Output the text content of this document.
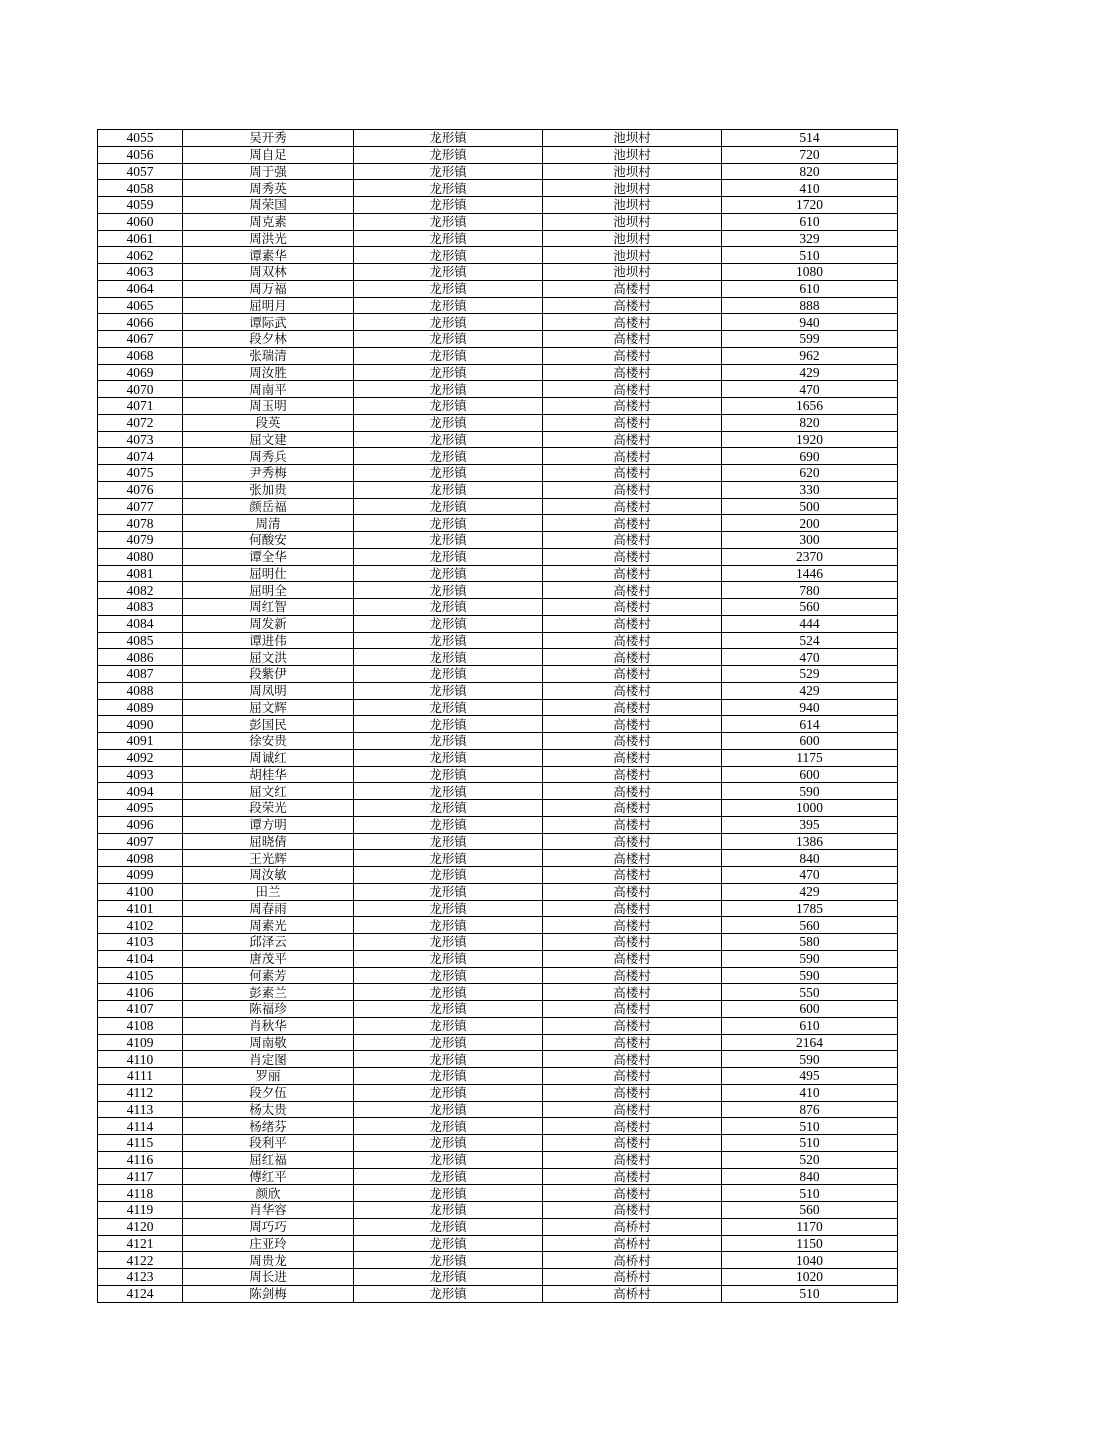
4055	吴开秀	龙形镇	池坝村	514
4056	周自足	龙形镇	池坝村	720
4057	周于强	龙形镇	池坝村	820
4058	周秀英	龙形镇	池坝村	410
4059	周荣国	龙形镇	池坝村	1720
4060	周克素	龙形镇	池坝村	610
4061	周洪光	龙形镇	池坝村	329
4062	谭素华	龙形镇	池坝村	510
4063	周双林	龙形镇	池坝村	1080
4064	周万福	龙形镇	高楼村	610
4065	屈明月	龙形镇	高楼村	888
4066	谭际武	龙形镇	高楼村	940
4067	段夕林	龙形镇	高楼村	599
4068	张瑞清	龙形镇	高楼村	962
4069	周汝胜	龙形镇	高楼村	429
4070	周南平	龙形镇	高楼村	470
4071	周玉明	龙形镇	高楼村	1656
4072	段英	龙形镇	高楼村	820
4073	屈文建	龙形镇	高楼村	1920
4074	周秀兵	龙形镇	高楼村	690
4075	尹秀梅	龙形镇	高楼村	620
4076	张加贵	龙形镇	高楼村	330
4077	颜岳福	龙形镇	高楼村	500
4078	周清	龙形镇	高楼村	200
4079	何酸安	龙形镇	高楼村	300
4080	谭全华	龙形镇	高楼村	2370
4081	屈明仕	龙形镇	高楼村	1446
4082	屈明全	龙形镇	高楼村	780
4083	周红智	龙形镇	高楼村	560
4084	周发新	龙形镇	高楼村	444
4085	谭进伟	龙形镇	高楼村	524
4086	屈文洪	龙形镇	高楼村	470
4087	段紫伊	龙形镇	高楼村	529
4088	周凤明	龙形镇	高楼村	429
4089	屈文辉	龙形镇	高楼村	940
4090	彭国民	龙形镇	高楼村	614
4091	徐安贵	龙形镇	高楼村	600
4092	周诚红	龙形镇	高楼村	1175
4093	胡桂华	龙形镇	高楼村	600
4094	屈文红	龙形镇	高楼村	590
4095	段荣光	龙形镇	高楼村	1000
4096	谭方明	龙形镇	高楼村	395
4097	屈晓倩	龙形镇	高楼村	1386
4098	王光辉	龙形镇	高楼村	840
4099	周汝敏	龙形镇	高楼村	470
4100	田兰	龙形镇	高楼村	429
4101	周春雨	龙形镇	高楼村	1785
4102	周素光	龙形镇	高楼村	560
4103	邱泽云	龙形镇	高楼村	580
4104	唐茂平	龙形镇	高楼村	590
4105	何素芳	龙形镇	高楼村	590
4106	彭素兰	龙形镇	高楼村	550
4107	陈福珍	龙形镇	高楼村	600
4108	肖秋华	龙形镇	高楼村	610
4109	周南敬	龙形镇	高楼村	2164
4110	肖定图	龙形镇	高楼村	590
4111	罗丽	龙形镇	高楼村	495
4112	段夕伍	龙形镇	高楼村	410
4113	杨太贵	龙形镇	高楼村	876
4114	杨绪芬	龙形镇	高楼村	510
4115	段利平	龙形镇	高楼村	510
4116	屈红福	龙形镇	高楼村	520
4117	傅红平	龙形镇	高楼村	840
4118	颜欣	龙形镇	高楼村	510
4119	肖华容	龙形镇	高楼村	560
4120	周巧巧	龙形镇	高桥村	1170
4121	庄亚玲	龙形镇	高桥村	1150
4122	周贵龙	龙形镇	高桥村	1040
4123	周长进	龙形镇	高桥村	1020
4124	陈剑梅	龙形镇	高桥村	510
